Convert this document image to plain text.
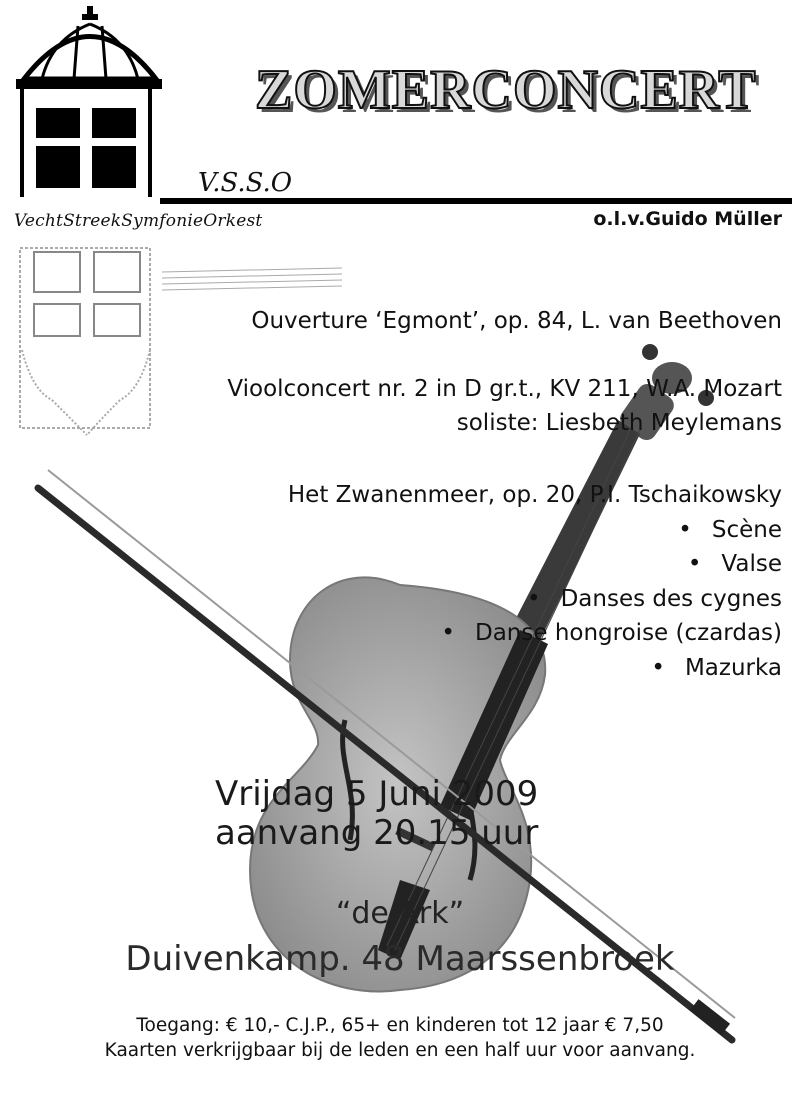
ZOMERCONCERT
V.S.S.O
VechtStreekSymfonieOrkest	o.l.v.Guido Müller
Ouverture ‘Egmont’, op. 84, L. van Beethoven
Vioolconcert nr. 2 in D gr.t., KV 211, W.A. Mozart
soliste: Liesbeth Meylemans
Het Zwanenmeer, op. 20, P.I. Tschaikowsky
• Scène
• Valse
• Danses des cygnes
• Danse hongroise (czardas)
• Mazurka
Vrijdag 5 Juni 2009
aanvang 20.15 uur
“de Ark”
Duivenkamp. 48 Maarssenbroek
Toegang: € 10,- C.J.P., 65+ en kinderen tot 12 jaar € 7,50
Kaarten verkrijgbaar bij de leden en een half uur voor aanvang.
